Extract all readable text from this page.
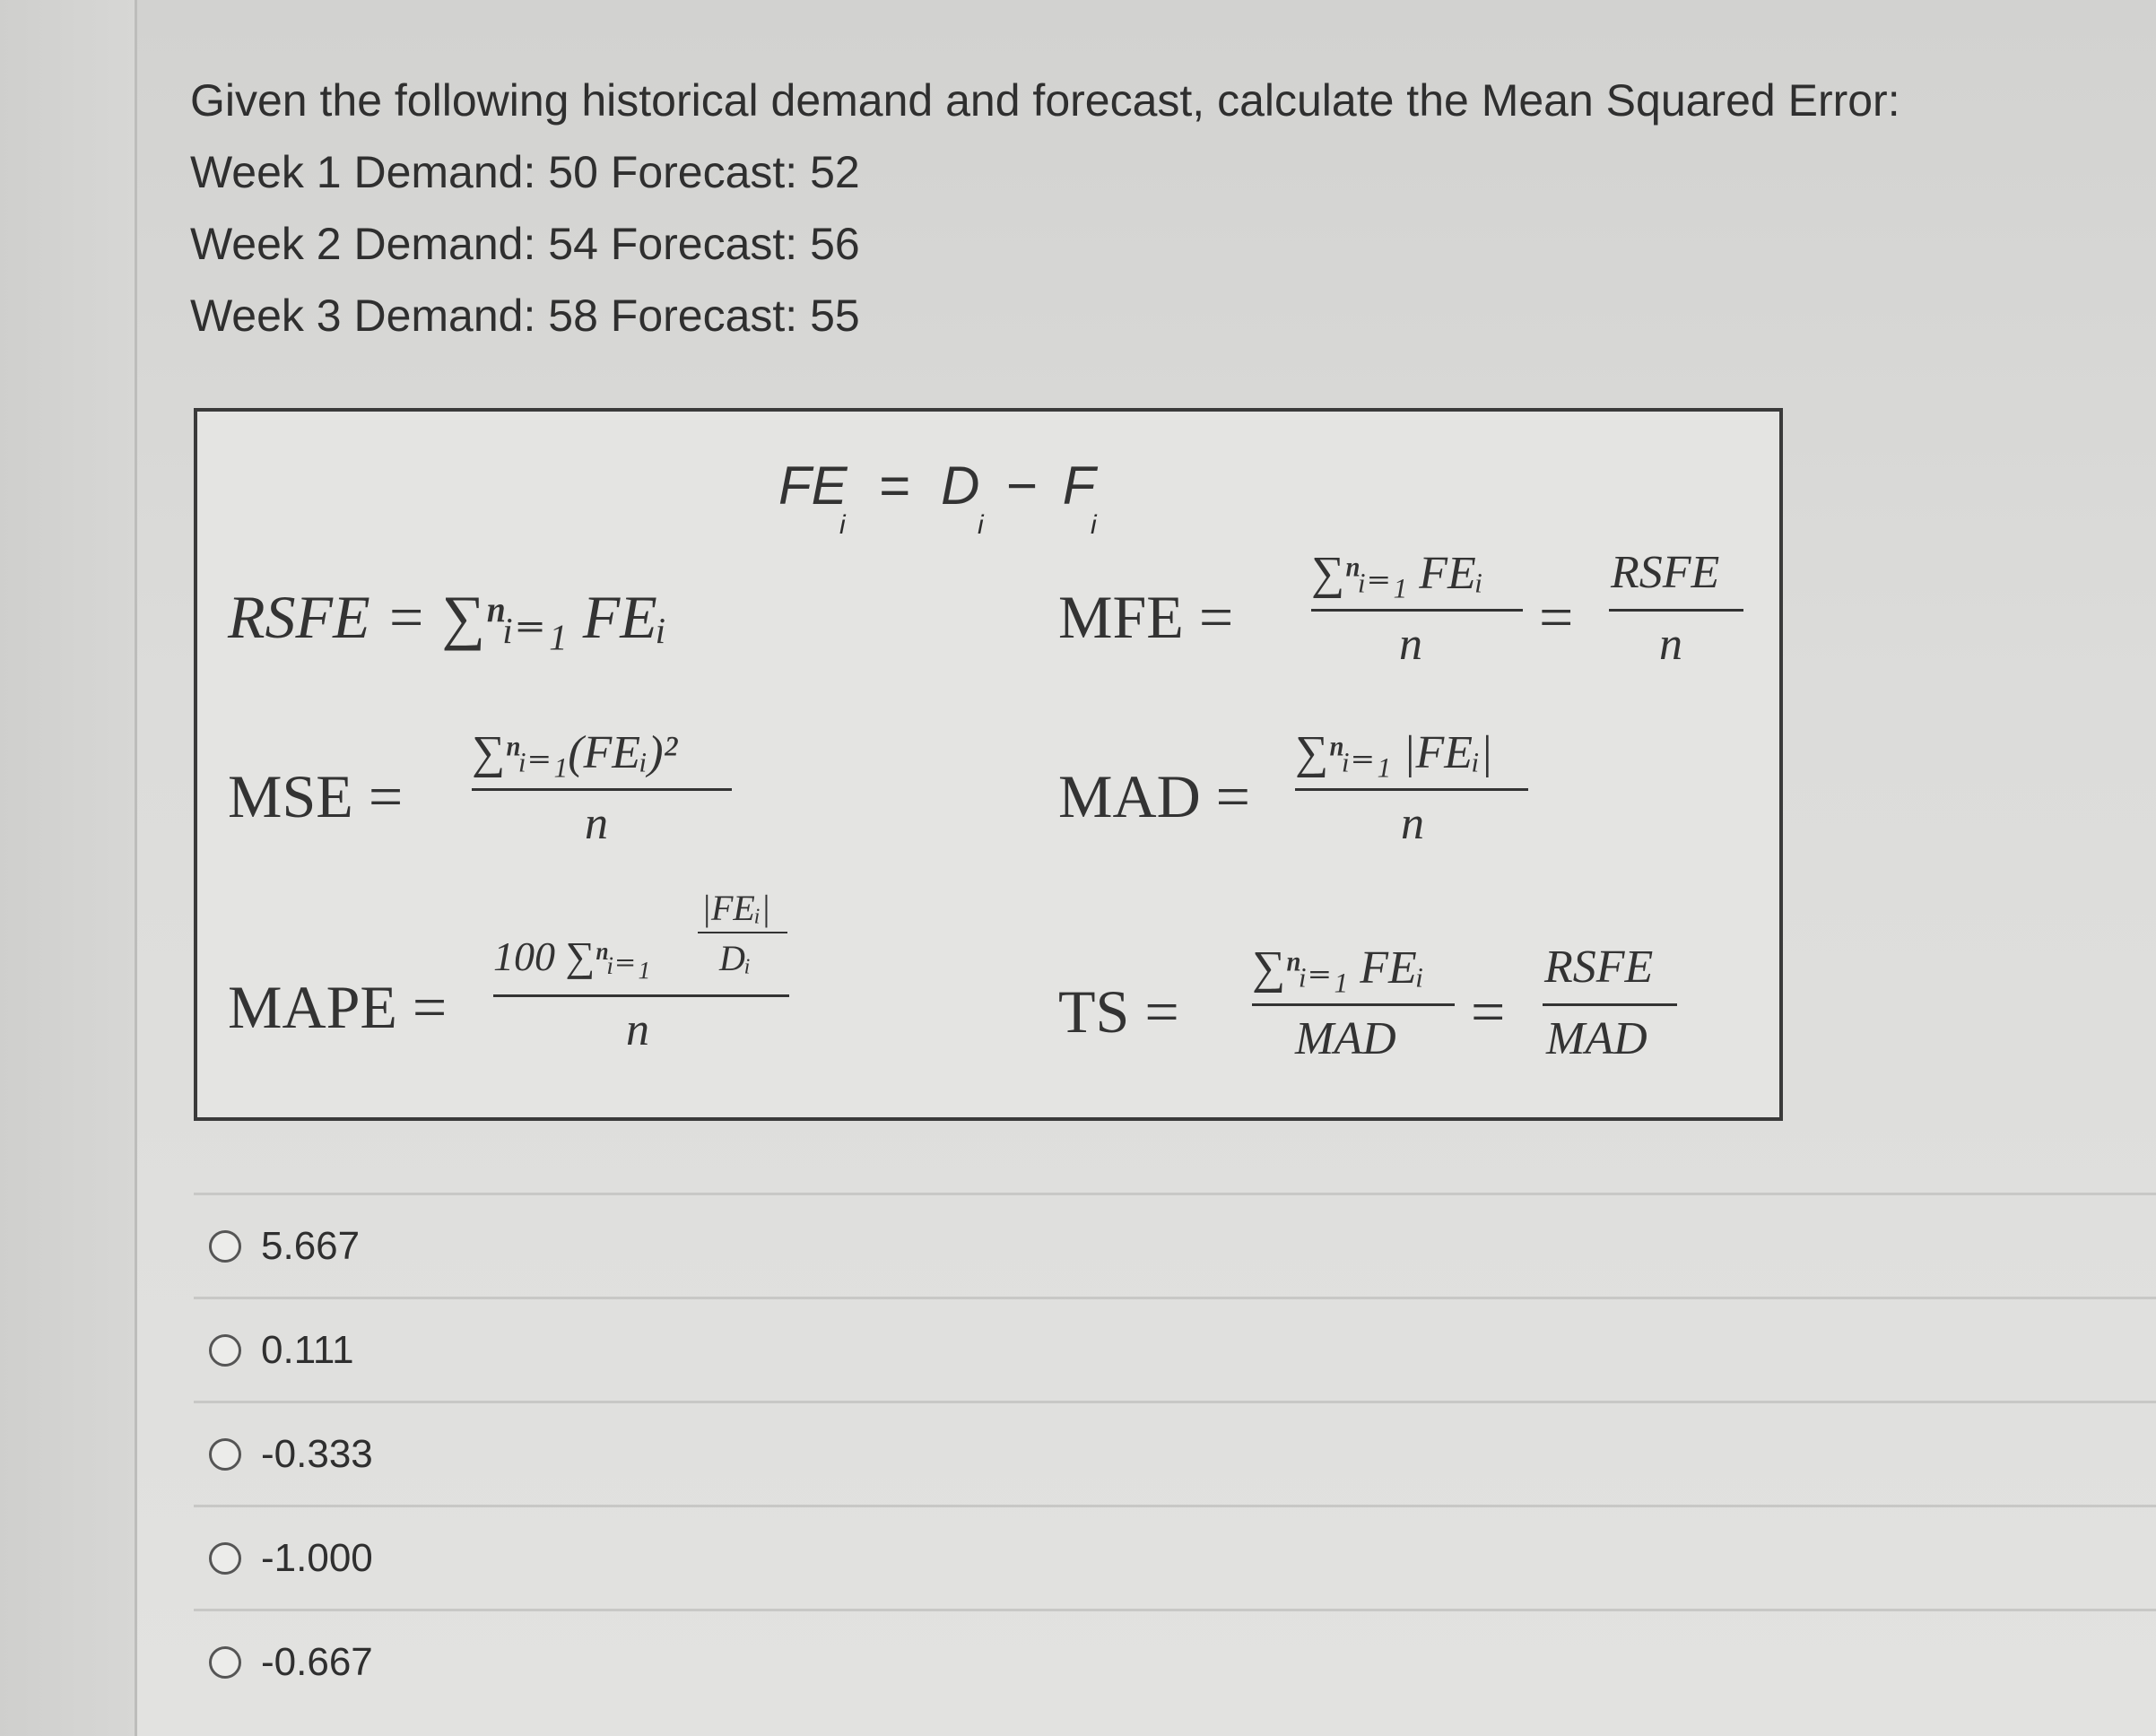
Given the following historical demand and forecast, calculate the Mean Squared Error:

Week 1 Demand: 50 Forecast: 52

Week 2 Demand: 54 Forecast: 56

Week 3 Demand: 58 Forecast: 55

FE = D − F
i	i	i
RSFE = ∑ⁿᵢ₌₁ FEᵢ	MFE =
∑ⁿᵢ₌₁ FEᵢ
n =
RSFE
n
MSE =
∑ⁿᵢ₌₁(FEᵢ)²
n	MAD =
∑ⁿᵢ₌₁ |FEᵢ|
n
MAPE =
100 ∑ⁿᵢ₌₁
|FEᵢ|
Dᵢ
n	TS =
∑ⁿᵢ₌₁ FEᵢ
MAD =
RSFE
MAD
5.667
0.111
-0.333
-1.000
-0.667
